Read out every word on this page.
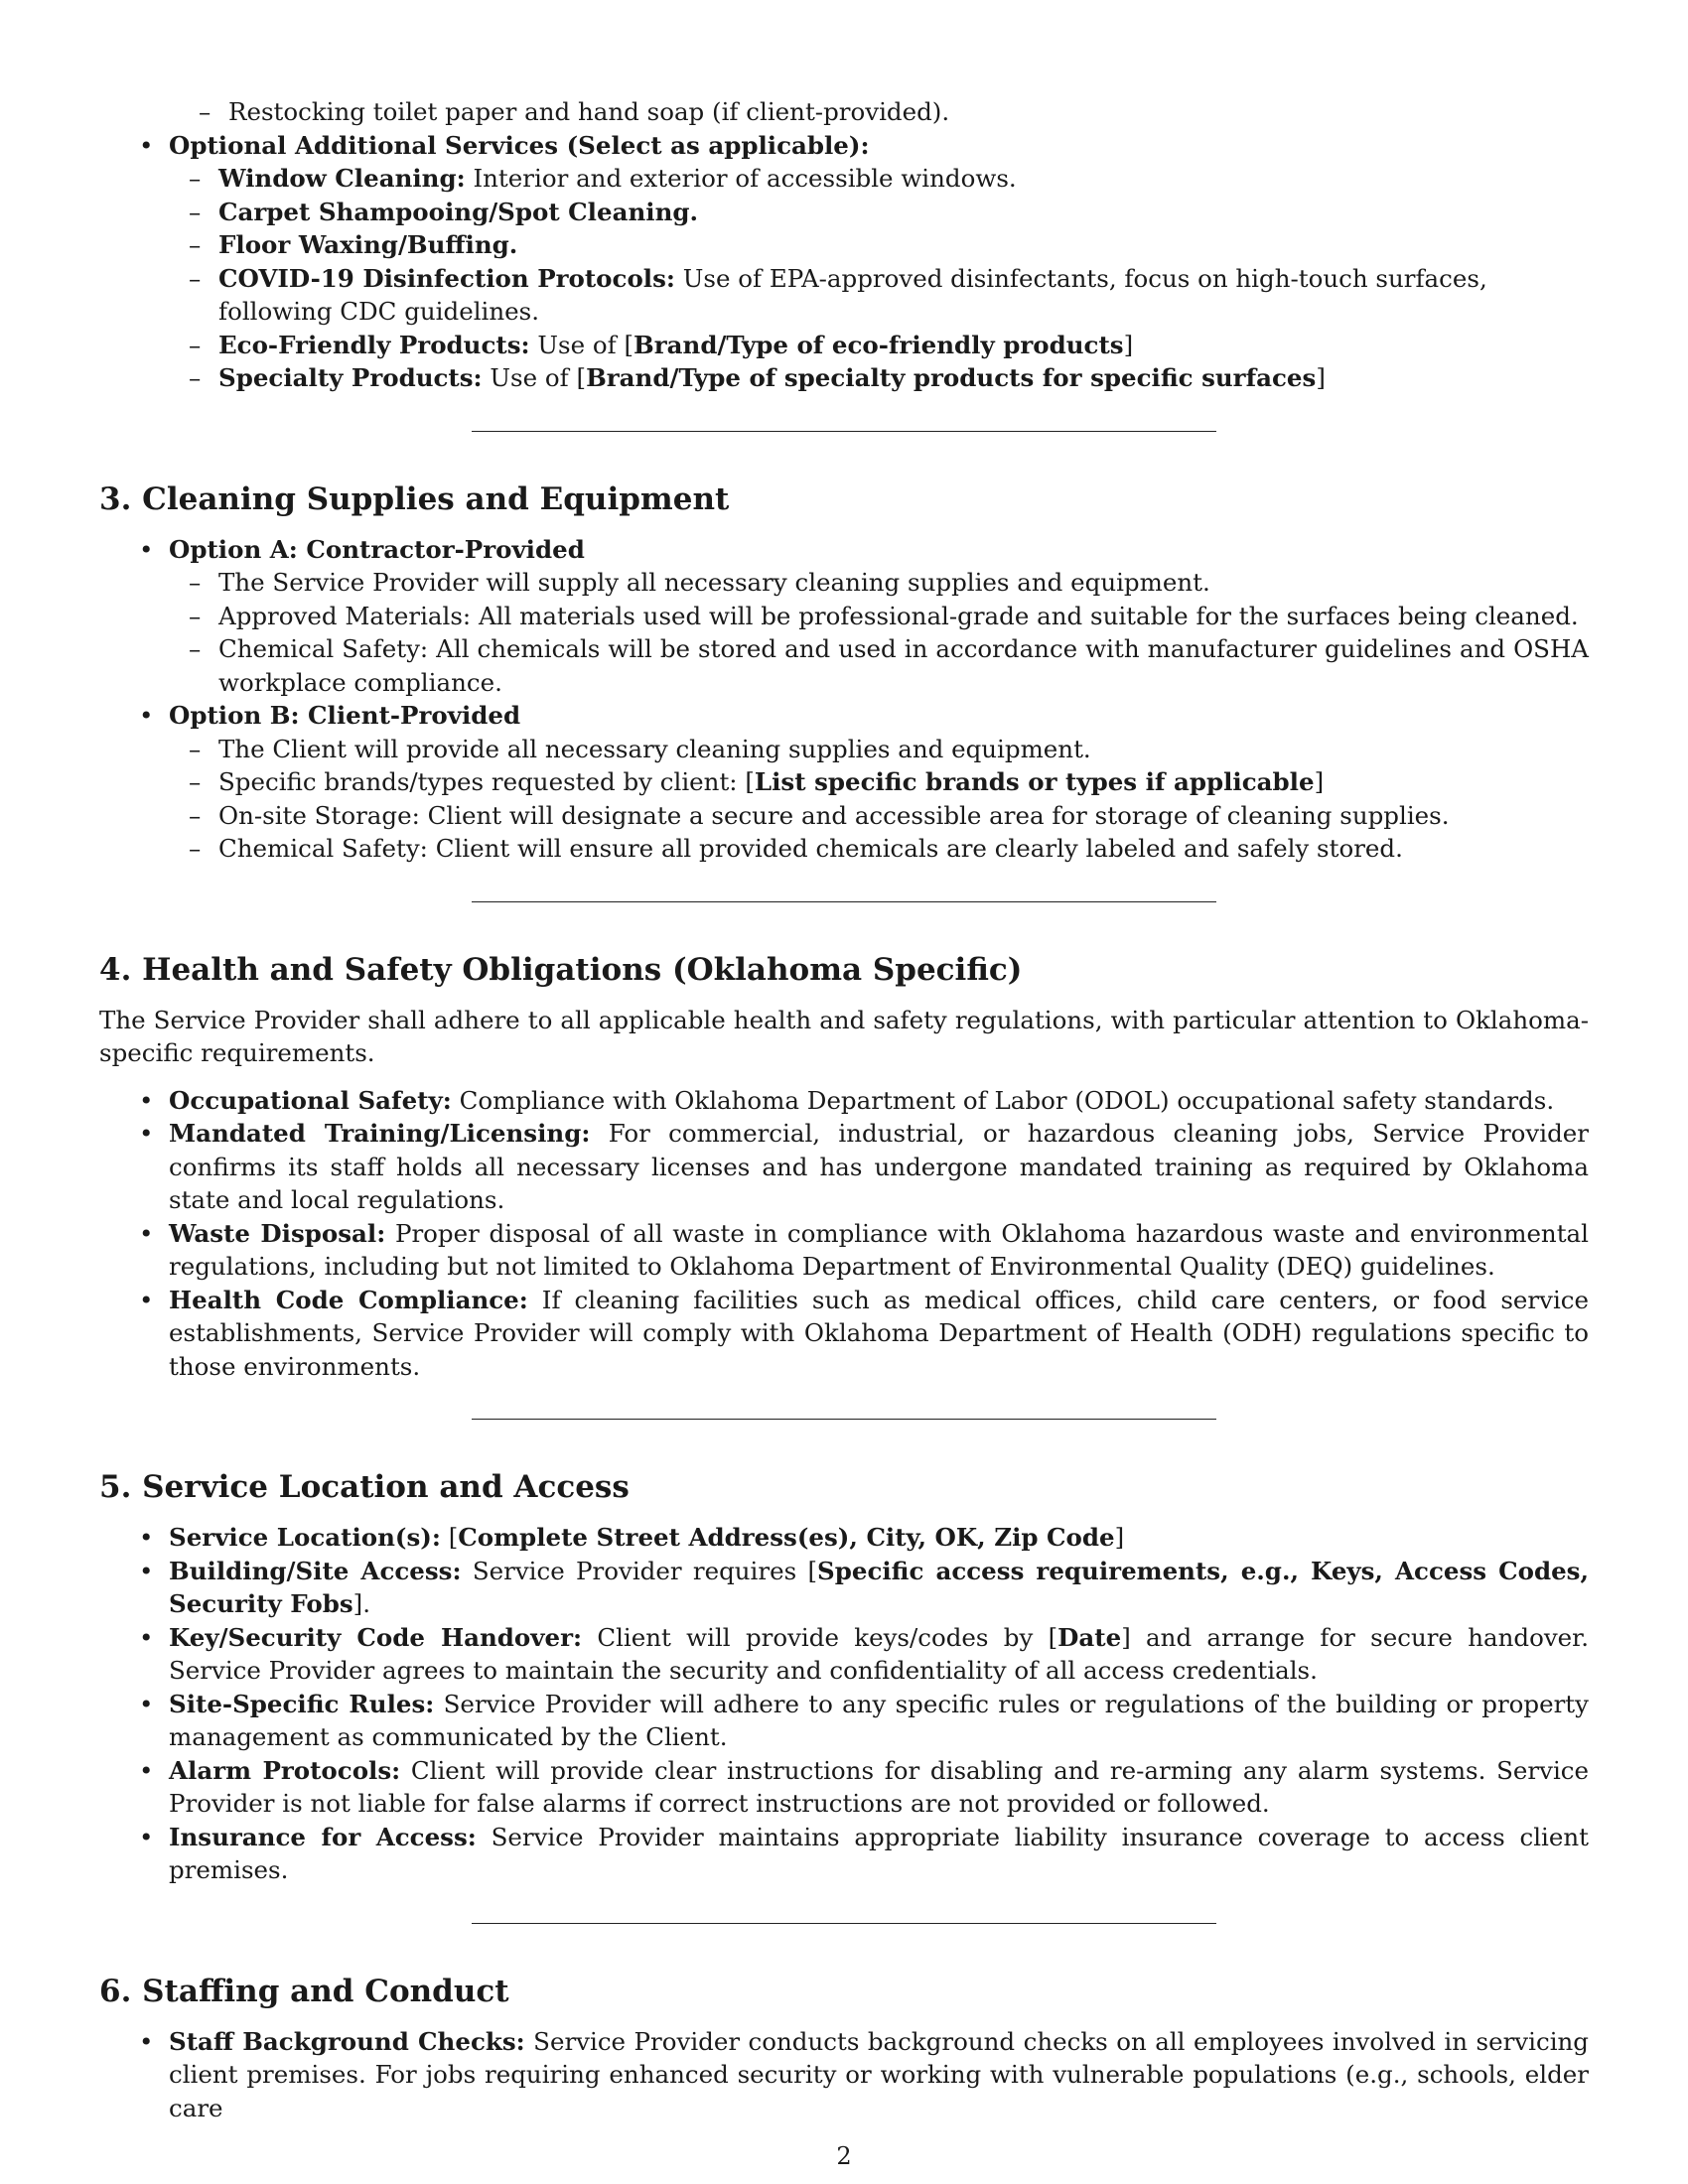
– Restocking toilet paper and hand soap (if client-provided).
• Optional Additional Services (Select as applicable):
– Window Cleaning: Interior and exterior of accessible windows.
– Carpet Shampooing/Spot Cleaning.
– Floor Waxing/Buffing.
– COVID-19 Disinfection Protocols: Use of EPA-approved disinfectants, focus on high-touch surfaces, following CDC guidelines.
– Eco-Friendly Products: Use of [Brand/Type of eco-friendly products]
– Specialty Products: Use of [Brand/Type of specialty products for specific surfaces]
3. Cleaning Supplies and Equipment
• Option A: Contractor-Provided
– The Service Provider will supply all necessary cleaning supplies and equipment.
– Approved Materials: All materials used will be professional-grade and suitable for the surfaces being cleaned.
– Chemical Safety: All chemicals will be stored and used in accordance with manufacturer guidelines and OSHA workplace compliance.
• Option B: Client-Provided
– The Client will provide all necessary cleaning supplies and equipment.
– Specific brands/types requested by client: [List specific brands or types if applicable]
– On-site Storage: Client will designate a secure and accessible area for storage of cleaning supplies.
– Chemical Safety: Client will ensure all provided chemicals are clearly labeled and safely stored.
4. Health and Safety Obligations (Oklahoma Specific)

The Service Provider shall adhere to all applicable health and safety regulations, with particular attention to Oklahoma-specific requirements.

• Occupational Safety: Compliance with Oklahoma Department of Labor (ODOL) occupational safety standards.
• Mandated Training/Licensing: For commercial, industrial, or hazardous cleaning jobs, Service Provider confirms its staff holds all necessary licenses and has undergone mandated training as required by Oklahoma state and local regulations.
• Waste Disposal: Proper disposal of all waste in compliance with Oklahoma hazardous waste and environmental regulations, including but not limited to Oklahoma Department of Environmental Quality (DEQ) guidelines.
• Health Code Compliance: If cleaning facilities such as medical offices, child care centers, or food service establishments, Service Provider will comply with Oklahoma Department of Health (ODH) regulations specific to those environments.
5. Service Location and Access
• Service Location(s): [Complete Street Address(es), City, OK, Zip Code]
• Building/Site Access: Service Provider requires [Specific access requirements, e.g., Keys, Access Codes, Security Fobs].
• Key/Security Code Handover: Client will provide keys/codes by [Date] and arrange for secure handover. Service Provider agrees to maintain the security and confidentiality of all access credentials.
• Site-Specific Rules: Service Provider will adhere to any specific rules or regulations of the building or property management as communicated by the Client.
• Alarm Protocols: Client will provide clear instructions for disabling and re-arming any alarm systems. Service Provider is not liable for false alarms if correct instructions are not provided or followed.
• Insurance for Access: Service Provider maintains appropriate liability insurance coverage to access client premises.
6. Staffing and Conduct
• Staff Background Checks: Service Provider conducts background checks on all employees involved in servicing client premises. For jobs requiring enhanced security or working with vulnerable populations (e.g., schools, elder care
2
